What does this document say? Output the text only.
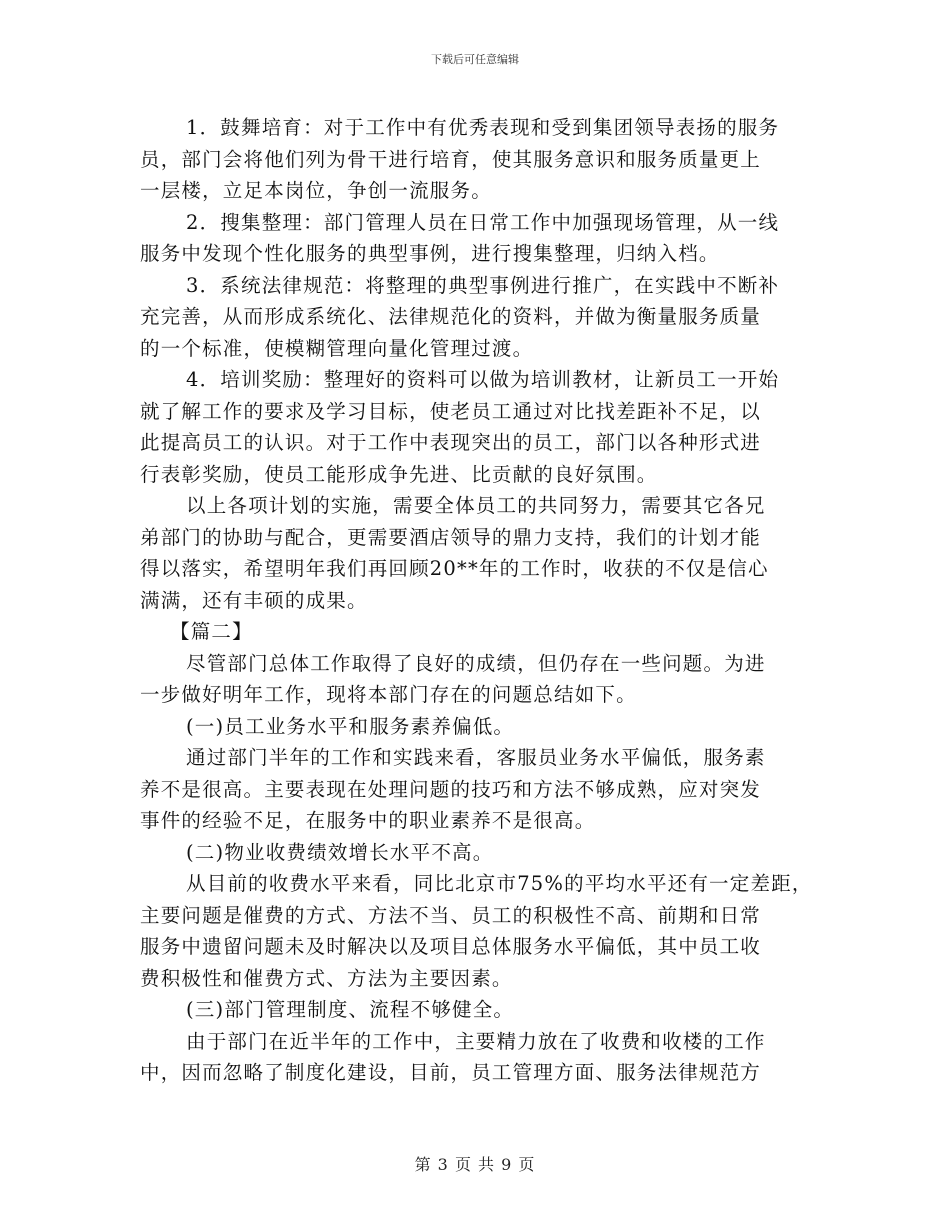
下载后可任意编辑
1．鼓舞培育：对于工作中有优秀表现和受到集团领导表扬的服务
员，部门会将他们列为骨干进行培育，使其服务意识和服务质量更上
一层楼，立足本岗位，争创一流服务。
2．搜集整理：部门管理人员在日常工作中加强现场管理，从一线
服务中发现个性化服务的典型事例，进行搜集整理，归纳入档。
3．系统法律规范：将整理的典型事例进行推广，在实践中不断补
充完善，从而形成系统化、法律规范化的资料，并做为衡量服务质量
的一个标准，使模糊管理向量化管理过渡。
4．培训奖励：整理好的资料可以做为培训教材，让新员工一开始
就了解工作的要求及学习目标，使老员工通过对比找差距补不足，以
此提高员工的认识。对于工作中表现突出的员工，部门以各种形式进
行表彰奖励，使员工能形成争先进、比贡献的良好氛围。
以上各项计划的实施，需要全体员工的共同努力，需要其它各兄
弟部门的协助与配合，更需要酒店领导的鼎力支持，我们的计划才能
得以落实，希望明年我们再回顾20**年的工作时，收获的不仅是信心
满满，还有丰硕的成果。
【篇二】
尽管部门总体工作取得了良好的成绩，但仍存在一些问题。为进
一步做好明年工作，现将本部门存在的问题总结如下。
(一)员工业务水平和服务素养偏低。
通过部门半年的工作和实践来看，客服员业务水平偏低，服务素
养不是很高。主要表现在处理问题的技巧和方法不够成熟，应对突发
事件的经验不足，在服务中的职业素养不是很高。
(二)物业收费绩效增长水平不高。
从目前的收费水平来看，同比北京市75%的平均水平还有一定差距，
主要问题是催费的方式、方法不当、员工的积极性不高、前期和日常
服务中遗留问题未及时解决以及项目总体服务水平偏低，其中员工收
费积极性和催费方式、方法为主要因素。
(三)部门管理制度、流程不够健全。
由于部门在近半年的工作中，主要精力放在了收费和收楼的工作
中，因而忽略了制度化建设，目前，员工管理方面、服务法律规范方
第 3 页 共 9 页
